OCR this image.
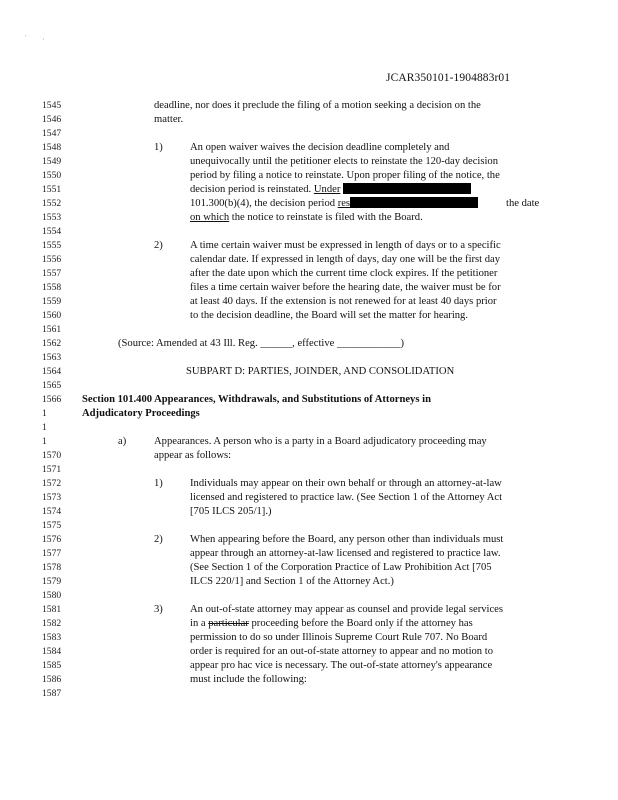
'           ,
JCAR350101-1904883r01
1545	deadline, nor does it preclude the filing of a motion seeking a decision on the
1546	matter.
1547
1548	1)	An open waiver waives the decision deadline completely and
1549	unequivocally until the petitioner elects to reinstate the 120-day decision
1550	period by filing a notice to reinstate. Upon proper filing of the notice, the
1551	decision period is reinstated. Under
1552	101.300(b)(4), the decision period res	the date
1553	on which the notice to reinstate is filed with the Board.
1554
1555	2)	A time certain waiver must be expressed in length of days or to a specific
1556	calendar date. If expressed in length of days, day one will be the first day
1557	after the date upon which the current time clock expires. If the petitioner
1558	files a time certain waiver before the hearing date, the waiver must be for
1559	at least 40 days. If the extension is not renewed for at least 40 days prior
1560	to the decision deadline, the Board will set the matter for hearing.
1561
1562	(Source: Amended at 43 Ill. Reg. ______, effective ____________)
1563
1564	SUBPART D: PARTIES, JOINDER, AND CONSOLIDATION
1565
1566	Section 101.400 Appearances, Withdrawals, and Substitutions of Attorneys in
1	Adjudicatory Proceedings
1
1	a)	Appearances. A person who is a party in a Board adjudicatory proceeding may
1570	appear as follows:
1571
1572	1)	Individuals may appear on their own behalf or through an attorney-at-law
1573	licensed and registered to practice law. (See Section 1 of the Attorney Act
1574	[705 ILCS 205/1].)
1575
1576	2)	When appearing before the Board, any person other than individuals must
1577	appear through an attorney-at-law licensed and registered to practice law.
1578	(See Section 1 of the Corporation Practice of Law Prohibition Act [705
1579	ILCS 220/1] and Section 1 of the Attorney Act.)
1580
1581	3)	An out-of-state attorney may appear as counsel and provide legal services
1582	in a particular proceeding before the Board only if the attorney has
1583	permission to do so under Illinois Supreme Court Rule 707. No Board
1584	order is required for an out-of-state attorney to appear and no motion to
1585	appear pro hac vice is necessary. The out-of-state attorney's appearance
1586	must include the following:
1587
